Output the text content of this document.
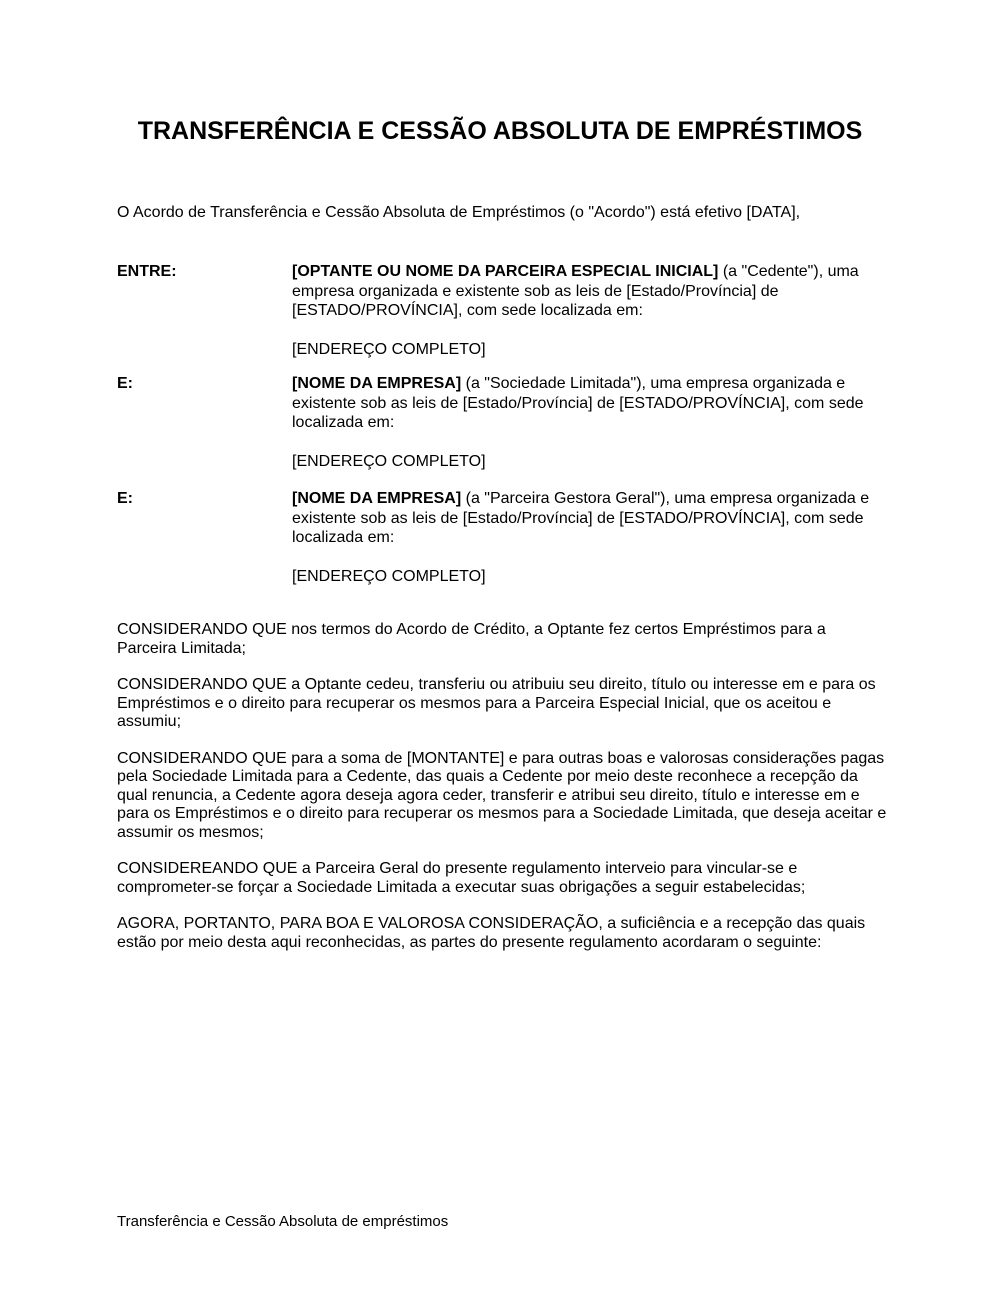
TRANSFERÊNCIA E CESSÃO ABSOLUTA DE EMPRÉSTIMOS

O Acordo de Transferência e Cessão Absoluta de Empréstimos (o "Acordo") está efetivo [DATA],

ENTRE:	[OPTANTE OU NOME DA PARCEIRA ESPECIAL INICIAL] (a "Cedente"), uma empresa organizada e existente sob as leis de [Estado/Província] de [ESTADO/PROVÍNCIA], com sede localizada em:

[ENDEREÇO COMPLETO]

E:	[NOME DA EMPRESA] (a "Sociedade Limitada"), uma empresa organizada e existente sob as leis de [Estado/Província] de [ESTADO/PROVÍNCIA], com sede localizada em:

[ENDEREÇO COMPLETO]

E:	[NOME DA EMPRESA] (a "Parceira Gestora Geral"), uma empresa organizada e existente sob as leis de [Estado/Província] de [ESTADO/PROVÍNCIA], com sede localizada em:

[ENDEREÇO COMPLETO]

CONSIDERANDO QUE nos termos do Acordo de Crédito, a Optante fez certos Empréstimos para a Parceira Limitada;

CONSIDERANDO QUE a Optante cedeu, transferiu ou atribuiu seu direito, título ou interesse em e para os Empréstimos e o direito para recuperar os mesmos para a Parceira Especial Inicial, que os aceitou e assumiu;

CONSIDERANDO QUE para a soma de [MONTANTE] e para outras boas e valorosas considerações pagas pela Sociedade Limitada para a Cedente, das quais a Cedente por meio deste reconhece a recepção da qual renuncia, a Cedente agora deseja agora ceder, transferir e atribui seu direito, título e interesse em e para os Empréstimos e o direito para recuperar os mesmos para a Sociedade Limitada, que deseja aceitar e assumir os mesmos;

CONSIDEREANDO QUE a Parceira Geral do presente regulamento interveio para vincular-se e comprometer-se forçar a Sociedade Limitada a executar suas obrigações a seguir estabelecidas;

AGORA, PORTANTO, PARA BOA E VALOROSA CONSIDERAÇÃO, a suficiência e a recepção das quais estão por meio desta aqui reconhecidas, as partes do presente regulamento acordaram o seguinte:

Transferência e Cessão Absoluta de empréstimos
